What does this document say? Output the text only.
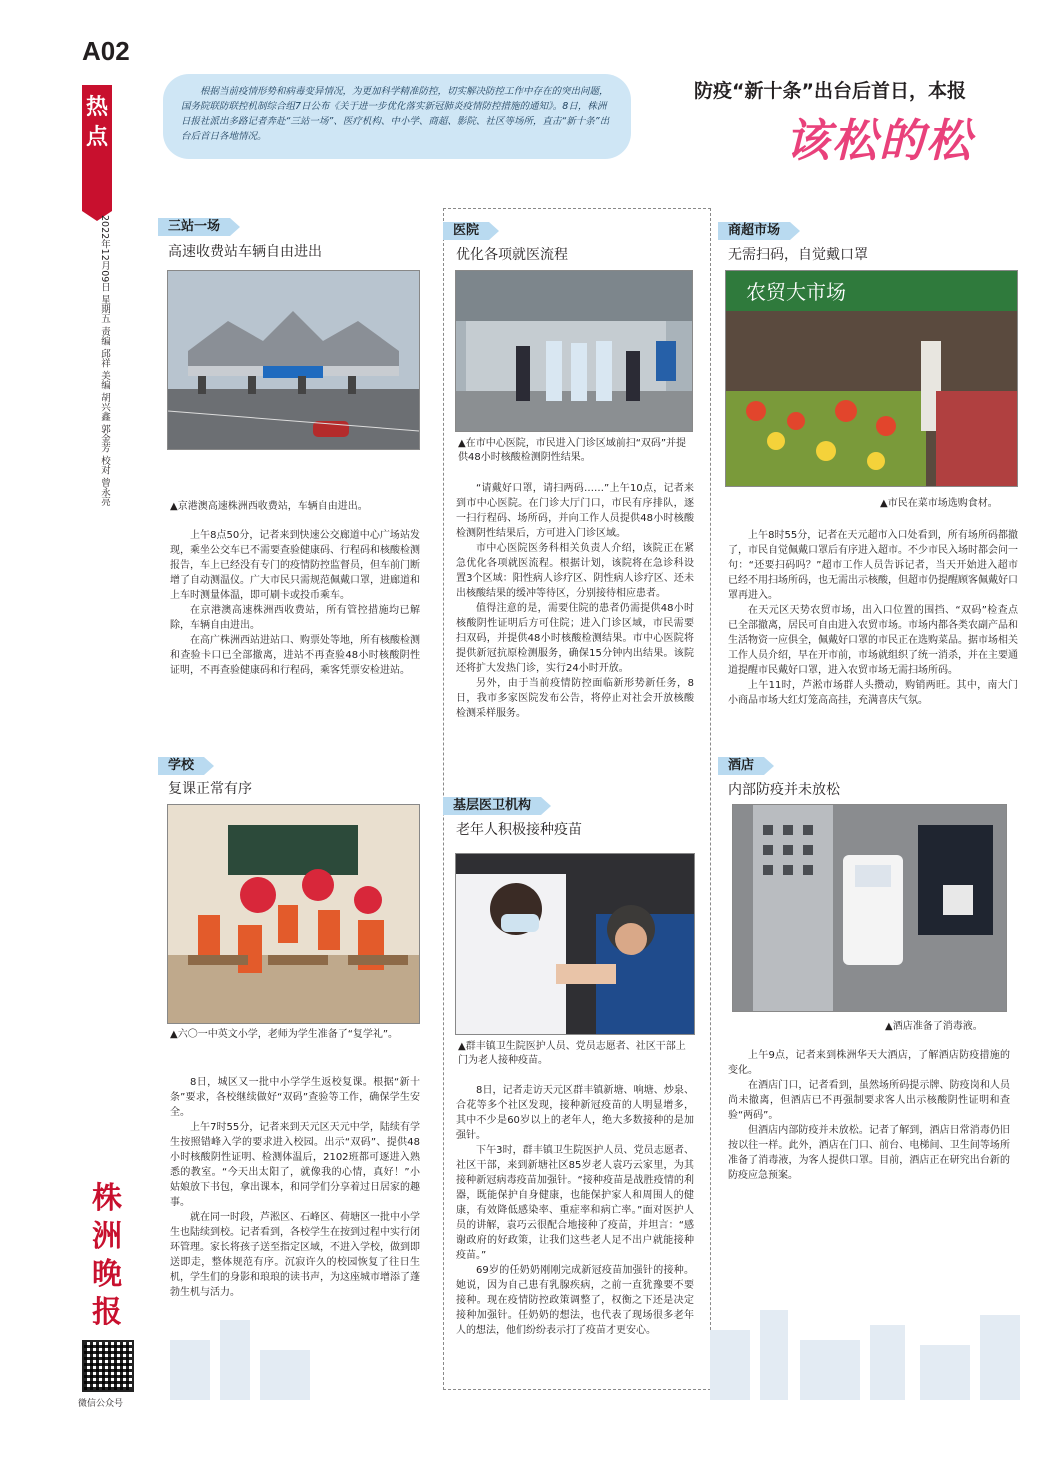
A02
热点
2022年12月09日 星期五 责编 邱祥 美编 胡兴鑫 郭金芳 校对 曾永亮
株洲晚报
微信公众号
根据当前疫情形势和病毒变异情况，为更加科学精准防控，切实解决防控工作中存在的突出问题，国务院联防联控机制综合组7日公布《关于进一步优化落实新冠肺炎疫情防控措施的通知》。8日，株洲日报社派出多路记者奔赴“三站一场”、医疗机构、中小学、商超、影院、社区等场所，直击“新十条”出台后首日各地情况。
防疫“新十条”出台后首日，本报
该松的松
三站一场
高速收费站车辆自由进出
▲京港澳高速株洲西收费站，车辆自由进出。

上午8点50分，记者来到快速公交廊道中心广场站发现，乘坐公交车已不需要查验健康码、行程码和核酸检测报告，车上已经没有专门的疫情防控监督员，但车前门断增了自动测温仪。广大市民只需规范佩戴口罩，进廊道和上车时测量体温，即可刷卡或投币乘车。

在京港澳高速株洲西收费站，所有管控措施均已解除，车辆自由进出。

在高广株洲西站进站口、购票处等地，所有核酸检测和查验卡口已全部撤离，进站不再查验48小时核酸阴性证明，不再查验健康码和行程码，乘客凭票安检进站。

学校
复课正常有序
▲六〇一中英文小学，老师为学生准备了“复学礼”。

8日，城区又一批中小学学生返校复课。根据“新十条”要求，各校继续做好“双码”查验等工作，确保学生安全。

上午7时55分，记者来到天元区天元中学，陆续有学生按照错峰入学的要求进入校园。出示“双码”、提供48小时核酸阴性证明、检测体温后，2102班都可逐进入熟悉的教室。“今天出太阳了，就像我的心情，真好！”小姑娘放下书包，拿出课本，和同学们分享着过日居家的趣事。

就在同一时段，芦淞区、石峰区、荷塘区一批中小学生也陆续到校。记者看到，各校学生在按到过程中实行闭环管理。家长将孩子送至指定区域，不进入学校，做到即送即走，整体规范有序。沉寂许久的校园恢复了往日生机，学生们的身影和琅琅的读书声，为这座城市增添了蓬勃生机与活力。

医院
优化各项就医流程
▲在市中心医院，市民进入门诊区域前扫“双码”并提供48小时核酸检测阴性结果。

“请戴好口罩，请扫两码……”上午10点，记者来到市中心医院。在门诊大厅门口，市民有序排队，逐一扫行程码、场所码，并向工作人员提供48小时核酸检测阴性结果后，方可进入门诊区域。

市中心医院医务科相关负责人介绍，该院正在紧急优化各项就医流程。根据计划，该院将在急诊科设置3个区域：阳性病人诊疗区、阴性病人诊疗区、还未出核酸结果的缓冲等待区，分别接待相应患者。

值得注意的是，需要住院的患者仍需提供48小时核酸阴性证明后方可住院；进入门诊区域，市民需要扫双码，并提供48小时核酸检测结果。市中心医院将提供新冠抗原检测服务，确保15分钟内出结果。该院还将扩大发热门诊，实行24小时开放。

另外，由于当前疫情防控面临新形势新任务，8日，我市多家医院发布公告，将停止对社会开放核酸检测采样服务。

基层医卫机构
老年人积极接种疫苗
▲群丰镇卫生院医护人员、党员志愿者、社区干部上门为老人接种疫苗。

8日，记者走访天元区群丰镇新塘、响塘、炒泉、合花等多个社区发现，接种新冠疫苗的人明显增多，其中不少是60岁以上的老年人，绝大多数接种的是加强针。

下午3时，群丰镇卫生院医护人员、党员志愿者、社区干部，来到新塘社区85岁老人袁巧云家里，为其接种新冠病毒疫苗加强针。“接种疫苗是战胜疫情的利器，既能保护自身健康，也能保护家人和周围人的健康，有效降低感染率、重症率和病亡率。”面对医护人员的讲解，袁巧云很配合地接种了疫苗，并坦言：“感谢政府的好政策，让我们这些老人足不出户就能接种疫苗。”

69岁的任奶奶刚刚完成新冠疫苗加强针的接种。她说，因为自己患有乳腺疾病，之前一直犹豫要不要接种。现在疫情防控政策调整了，权衡之下还是决定接种加强针。任奶奶的想法，也代表了现场很多老年人的想法，他们纷纷表示打了疫苗才更安心。

商超市场
无需扫码，自觉戴口罩
农贸大市场
▲市民在菜市场选购食材。

上午8时55分，记者在天元超市入口处看到，所有场所码都撤了，市民自觉佩戴口罩后有序进入超市。不少市民入场时都会问一句：“还要扫码吗？”超市工作人员告诉记者，当天开始进入超市已经不用扫场所码，也无需出示核酸，但超市仍提醒顾客佩戴好口罩再进入。

在天元区天势农贸市场，出入口位置的围挡、“双码”检查点已全部撤离，居民可自由进入农贸市场。市场内都各类农副产品和生活物资一应俱全，佩戴好口罩的市民正在选购菜品。据市场相关工作人员介绍，早在开市前，市场就组织了统一消杀，并在主要通道提醒市民戴好口罩，进入农贸市场无需扫场所码。

上午11时，芦淞市场群人头攒动，购销两旺。其中，南大门小商品市场大红灯笼高高挂，充满喜庆气氛。

酒店
内部防疫并未放松
▲酒店准备了消毒液。

上午9点，记者来到株洲华天大酒店，了解酒店防疫措施的变化。

在酒店门口，记者看到，虽然场所码提示牌、防疫岗和人员尚未撤离，但酒店已不再强制要求客人出示核酸阴性证明和查验“两码”。

但酒店内部防疫并未放松。记者了解到，酒店日常消毒仍旧按以往一样。此外，酒店在门口、前台、电梯间、卫生间等场所准备了消毒液，为客人提供口罩。目前，酒店正在研究出台新的防疫应急预案。
